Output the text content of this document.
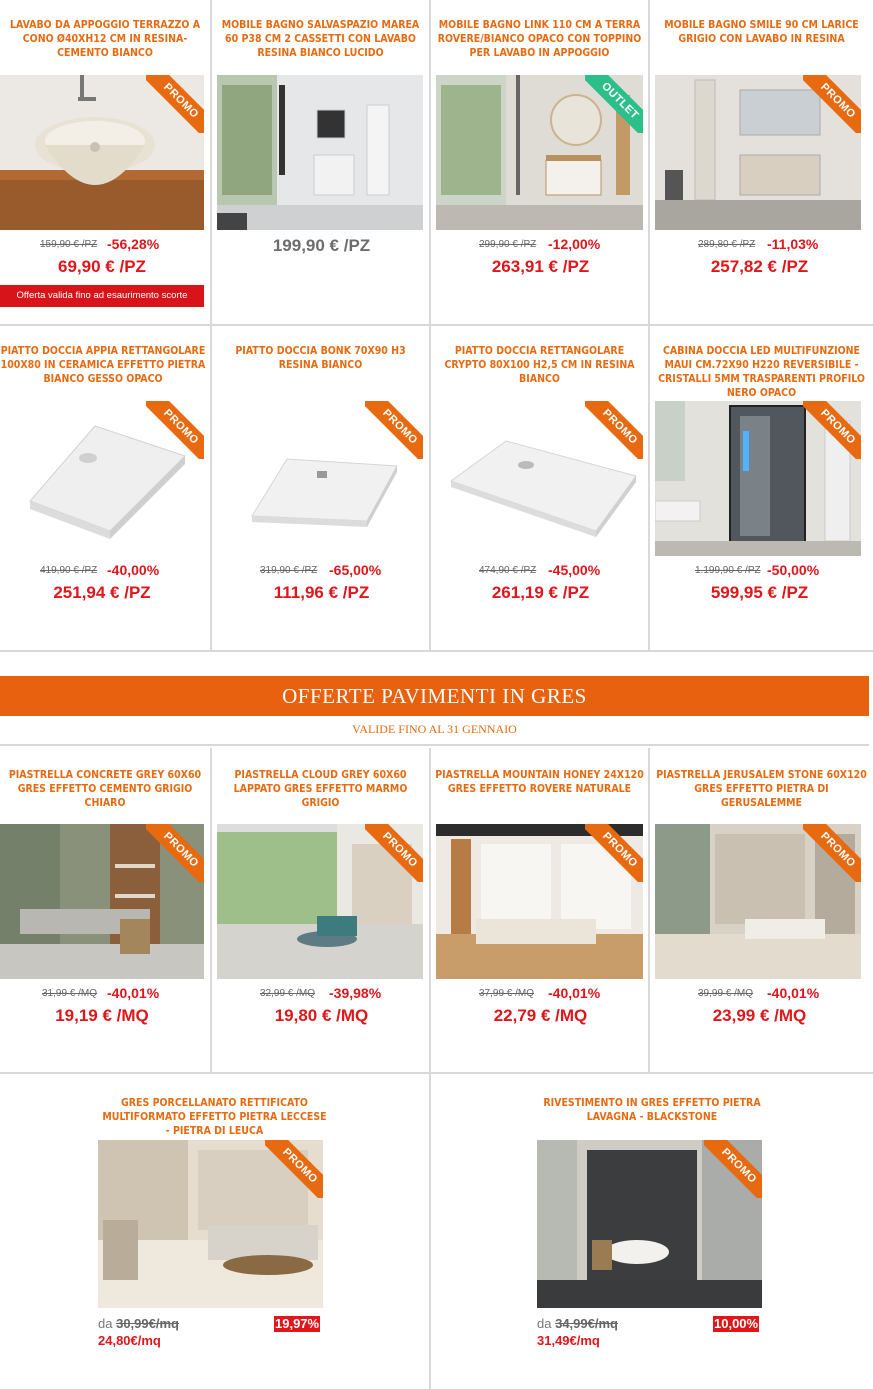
LAVABO DA APPOGGIO TERRAZZO A CONO Ø40XH12 CM IN RESINA-CEMENTO BIANCO
PROMO
159,90 € /PZ -56,28%
69,90 € /PZ
Offerta valida fino ad esaurimento scorte
MOBILE BAGNO SALVASPAZIO MAREA 60 P38 CM 2 CASSETTI CON LAVABO RESINA BIANCO LUCIDO
199,90 € /PZ
MOBILE BAGNO LINK 110 CM A TERRA ROVERE/BIANCO OPACO CON TOPPINO PER LAVABO IN APPOGGIO
OUTLET
299,90 € /PZ -12,00%
263,91 € /PZ
MOBILE BAGNO SMILE 90 CM LARICE GRIGIO CON LAVABO IN RESINA
PROMO
289,80 € /PZ -11,03%
257,82 € /PZ
PIATTO DOCCIA APPIA RETTANGOLARE 100X80 IN CERAMICA EFFETTO PIETRA BIANCO GESSO OPACO
PROMO
419,90 € /PZ -40,00%
251,94 € /PZ
PIATTO DOCCIA BONK 70X90 H3 RESINA BIANCO
PROMO
319,90 € /PZ -65,00%
111,96 € /PZ
PIATTO DOCCIA RETTANGOLARE CRYPTO 80X100 H2,5 CM IN RESINA BIANCO
PROMO
474,90 € /PZ -45,00%
261,19 € /PZ
CABINA DOCCIA LED MULTIFUNZIONE MAUI CM.72X90 H220 REVERSIBILE - CRISTALLI 5MM TRASPARENTI PROFILO NERO OPACO
PROMO
1.199,90 € /PZ -50,00%
599,95 € /PZ
OFFERTE PAVIMENTI IN GRES
VALIDE FINO AL 31 GENNAIO
PIASTRELLA CONCRETE GREY 60X60 GRES EFFETTO CEMENTO GRIGIO CHIARO
PROMO
31,99 € /MQ -40,01%
19,19 € /MQ
PIASTRELLA CLOUD GREY 60X60 LAPPATO GRES EFFETTO MARMO GRIGIO
PROMO
32,99 € /MQ -39,98%
19,80 € /MQ
PIASTRELLA MOUNTAIN HONEY 24X120 GRES EFFETTO ROVERE NATURALE
PROMO
37,99 € /MQ -40,01%
22,79 € /MQ
PIASTRELLA JERUSALEM STONE 60X120 GRES EFFETTO PIETRA DI GERUSALEMME
PROMO
39,99 € /MQ -40,01%
23,99 € /MQ
GRES PORCELLANATO RETTIFICATO MULTIFORMATO EFFETTO PIETRA LECCESE - PIETRA DI LEUCA
PROMO
da 30,99€/mq	19,97%
24,80€/mq
RIVESTIMENTO IN GRES EFFETTO PIETRA LAVAGNA - BLACKSTONE
PROMO
da 34,99€/mq	10,00%
31,49€/mq
